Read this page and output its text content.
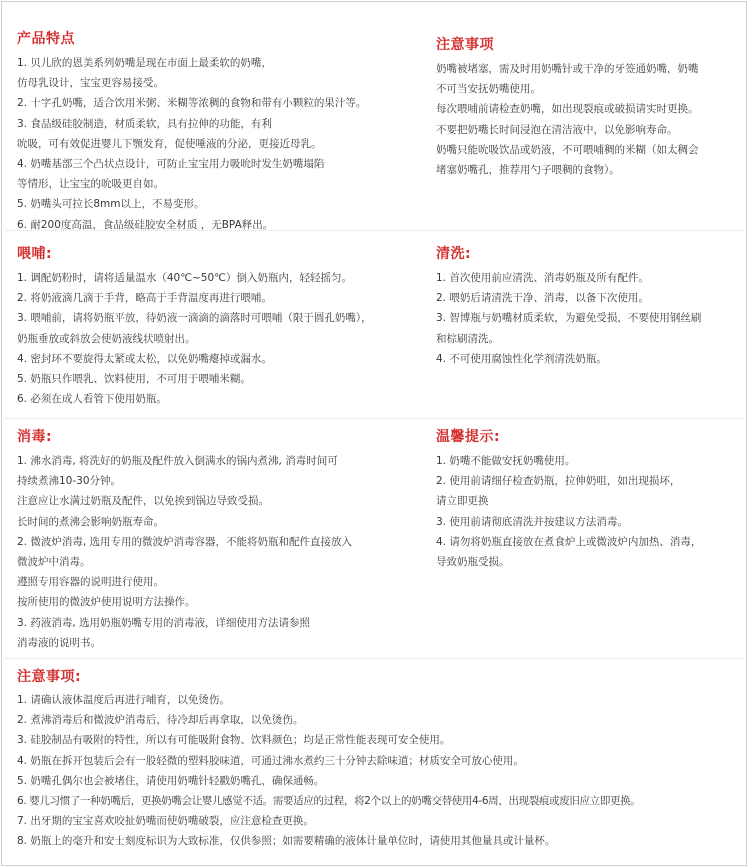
产品特点
1. 贝儿欣的恩美系列奶嘴是现在市面上最柔软的奶嘴，
仿母乳设计，宝宝更容易接受。
2. 十字孔奶嘴，适合饮用米粥、米糊等浓稠的食物和带有小颗粒的果汁等。
3. 食品级硅胶制造，材质柔软，具有拉伸的功能，有利
吮吸，可有效促进婴儿下颚发育，促使唾液的分泌，更接近母乳。
4. 奶嘴基部三个凸状点设计，可防止宝宝用力吸吮时发生奶嘴塌陷
等情形，让宝宝的吮吸更自如。
5. 奶嘴头可拉长8mm以上，不易变形。
6. 耐200度高温，食品级硅胶安全材质 ，无BPA释出。
注意事项
奶嘴被堵塞，需及时用奶嘴针或干净的牙签通奶嘴，奶嘴
不可当安抚奶嘴使用。
每次喂哺前请检查奶嘴，如出现裂痕或破损请实时更换。
不要把奶嘴长时间浸泡在清洁液中，以免影响寿命。
奶嘴只能吮吸饮品或奶液，不可喂哺稠的米糊（如太稠会
堵塞奶嘴孔，推荐用勺子喂稠的食物）。
喂哺:
1. 调配奶粉时，请将适量温水（40℃~50℃）倒入奶瓶内，轻轻摇匀。
2. 将奶液滴几滴于手背，略高于手背温度再进行喂哺。
3. 喂哺前，请将奶瓶平放，待奶液一滴滴的滴落时可喂哺（限于圆孔奶嘴），
奶瓶垂放或斜放会使奶液线状喷射出。
4. 密封环不要旋得太紧或太松，以免奶嘴瘪掉或漏水。
5. 奶瓶只作喂乳、饮料使用，不可用于喂哺米糊。
6. 必须在成人看管下使用奶瓶。
清洗:
1. 首次使用前应清洗、消毒奶瓶及所有配件。
2. 喂奶后请清洗干净、消毒，以备下次使用。
3. 智博瓶与奶嘴材质柔软，为避免受损，不要使用钢丝刷
和棕刷清洗。
4. 不可使用腐蚀性化学剂清洗奶瓶。
消毒:
1. 沸水消毒, 将洗好的奶瓶及配件放入倒满水的锅内煮沸, 消毒时间可
持续煮沸10-30分钟。
注意应让水满过奶瓶及配件，以免挨到锅边导致受损。
长时间的煮沸会影响奶瓶寿命。
2. 微波炉消毒, 选用专用的微波炉消毒容器，不能将奶瓶和配件直接放入
微波炉中消毒。
遵照专用容器的说明进行使用。
按所使用的微波炉使用说明方法操作。
3. 药液消毒, 选用奶瓶奶嘴专用的消毒液，详细使用方法请参照
消毒液的说明书。
温馨提示:
1. 奶嘴不能做安抚奶嘴使用。
2. 使用前请细仔检查奶瓶，拉伸奶咀，如出现损坏，
请立即更换
3. 使用前请彻底清洗并按建议方法消毒。
4. 请勿将奶瓶直接放在煮食炉上或微波炉内加热、消毒，
导致奶瓶受损。
注意事项:
1. 请确认液体温度后再进行哺育，以免烫伤。
2. 煮沸消毒后和微波炉消毒后，待冷却后再拿取，以免烫伤。
3. 硅胶制品有吸附的特性，所以有可能吸附食物、饮料颜色；均是正常性能表现可安全使用。
4. 奶瓶在拆开包装后会有一股轻微的塑料胶味道，可通过沸水煮约三十分钟去除味道；材质安全可放心使用。
5. 奶嘴孔偶尔也会被堵住，请使用奶嘴针轻戳奶嘴孔，确保通畅。
6. 婴儿习惯了一种奶嘴后，更换奶嘴会让婴儿感觉不适。需要适应的过程，将2个以上的奶嘴交替使用4-6周，出现裂痕或废旧应立即更换。
7. 出牙期的宝宝喜欢咬扯奶嘴而使奶嘴破裂，应注意检查更换。
8. 奶瓶上的毫升和安士刻度标识为大致标准，仅供参照；如需要精确的液体计量单位时，请使用其他量具或计量杯。
